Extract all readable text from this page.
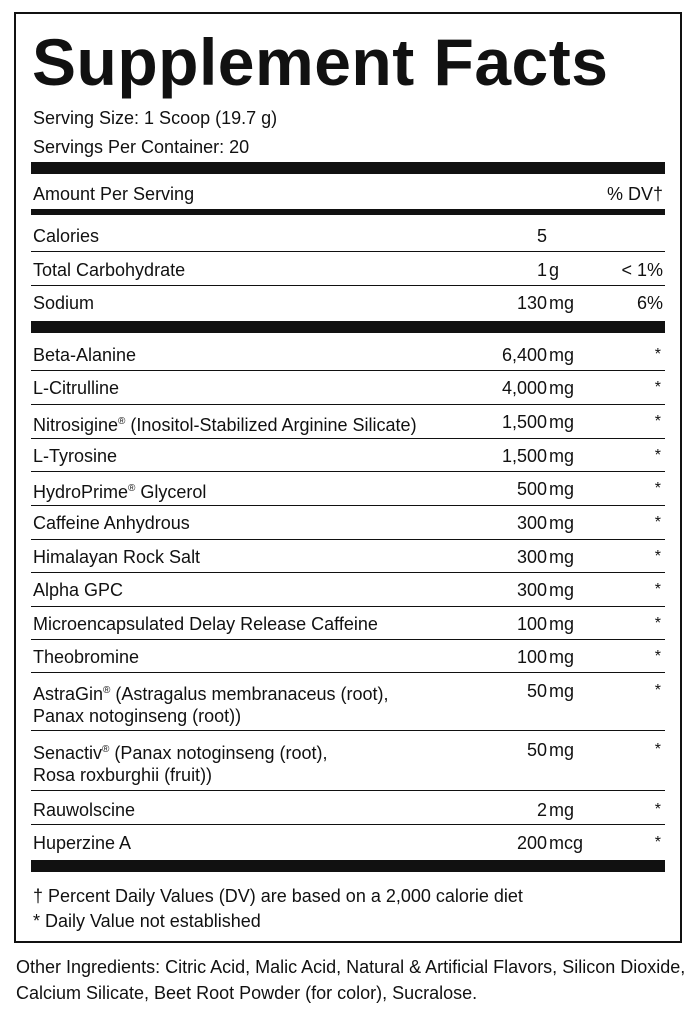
Supplement Facts
Serving Size: 1 Scoop (19.7 g)
Servings Per Container: 20
Amount Per Serving	% DV†
Calories	5
Total Carbohydrate	1 g	< 1%
Sodium	130 mg	6%
Beta-Alanine	6,400 mg	*
L-Citrulline	4,000 mg	*
Nitrosigine® (Inositol-Stabilized Arginine Silicate)	1,500 mg	*
L-Tyrosine	1,500 mg	*
HydroPrime® Glycerol	500 mg	*
Caffeine Anhydrous	300 mg	*
Himalayan Rock Salt	300 mg	*
Alpha GPC	300 mg	*
Microencapsulated Delay Release Caffeine	100 mg	*
Theobromine	100 mg	*
AstraGin® (Astragalus membranaceus (root),
Panax notoginseng (root))
50 mg	*
Senactiv® (Panax notoginseng (root),
Rosa roxburghii (fruit))
50 mg	*
Rauwolscine	2 mg	*
Huperzine A	200 mcg	*
† Percent Daily Values (DV) are based on a 2,000 calorie diet
* Daily Value not established
Other Ingredients: Citric Acid, Malic Acid, Natural & Artificial Flavors, Silicon Dioxide, Calcium Silicate, Beet Root Powder (for color), Sucralose.
